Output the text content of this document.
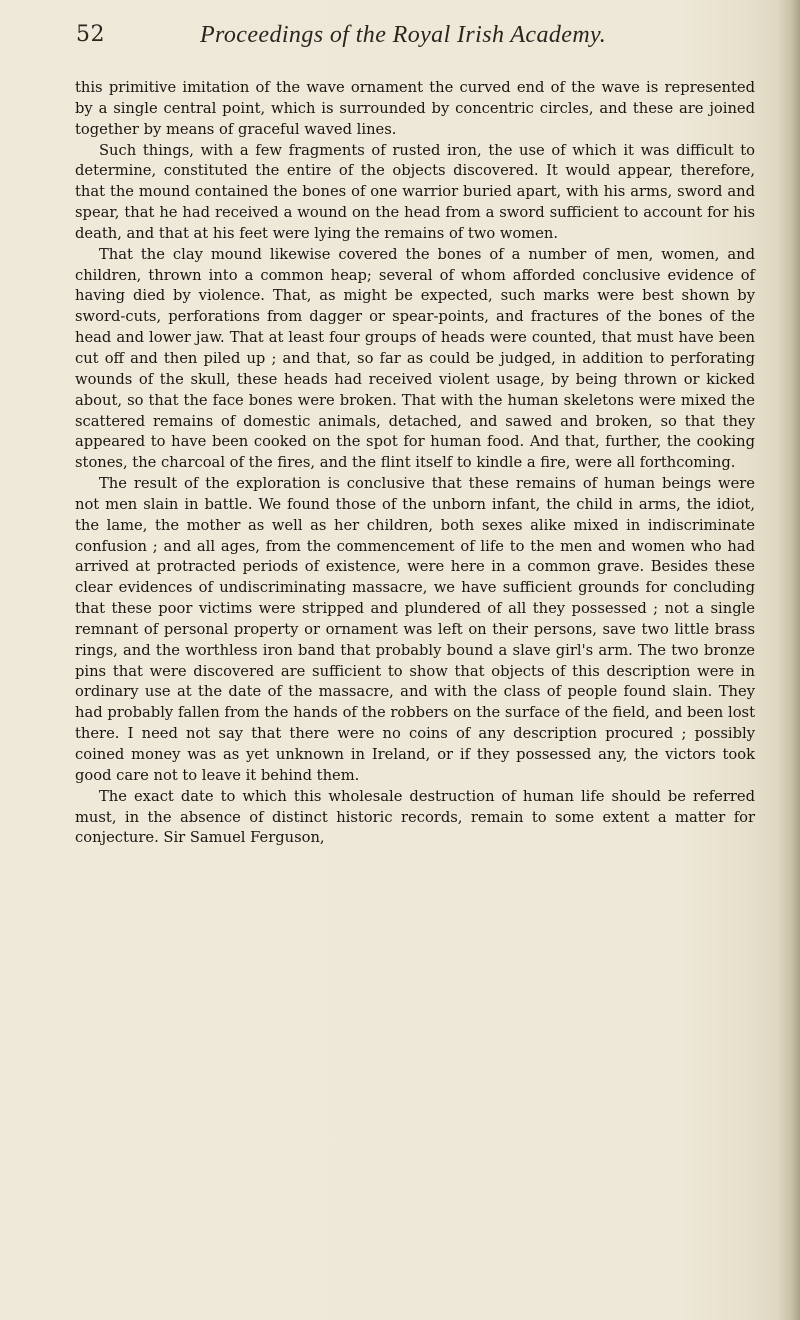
52	Proceedings of the Royal Irish Academy.

this primitive imitation of the wave ornament the curved end of the wave is represented by a single central point, which is surrounded by concentric circles, and these are joined together by means of graceful waved lines.

Such things, with a few fragments of rusted iron, the use of which it was difficult to determine, constituted the entire of the objects discovered. It would appear, therefore, that the mound contained the bones of one warrior buried apart, with his arms, sword and spear, that he had received a wound on the head from a sword sufficient to account for his death, and that at his feet were lying the remains of two women.

That the clay mound likewise covered the bones of a number of men, women, and children, thrown into a common heap; several of whom afforded conclusive evidence of having died by violence. That, as might be expected, such marks were best shown by sword-cuts, perforations from dagger or spear-points, and fractures of the bones of the head and lower jaw. That at least four groups of heads were counted, that must have been cut off and then piled up ; and that, so far as could be judged, in addition to perforating wounds of the skull, these heads had received violent usage, by being thrown or kicked about, so that the face bones were broken. That with the human skeletons were mixed the scattered remains of domestic animals, detached, and sawed and broken, so that they appeared to have been cooked on the spot for human food. And that, further, the cooking stones, the charcoal of the fires, and the flint itself to kindle a fire, were all forthcoming.

The result of the exploration is conclusive that these remains of human beings were not men slain in battle. We found those of the unborn infant, the child in arms, the idiot, the lame, the mother as well as her children, both sexes alike mixed in indiscriminate confusion ; and all ages, from the commencement of life to the men and women who had arrived at protracted periods of existence, were here in a common grave. Besides these clear evidences of undiscriminating massacre, we have sufficient grounds for concluding that these poor victims were stripped and plundered of all they possessed ; not a single remnant of personal property or ornament was left on their persons, save two little brass rings, and the worthless iron band that probably bound a slave girl's arm. The two bronze pins that were discovered are sufficient to show that objects of this description were in ordinary use at the date of the massacre, and with the class of people found slain. They had probably fallen from the hands of the robbers on the surface of the field, and been lost there. I need not say that there were no coins of any description procured ; possibly coined money was as yet unknown in Ireland, or if they possessed any, the victors took good care not to leave it behind them.

The exact date to which this wholesale destruction of human life should be referred must, in the absence of distinct historic records, remain to some extent a matter for conjecture. Sir Samuel Ferguson,
